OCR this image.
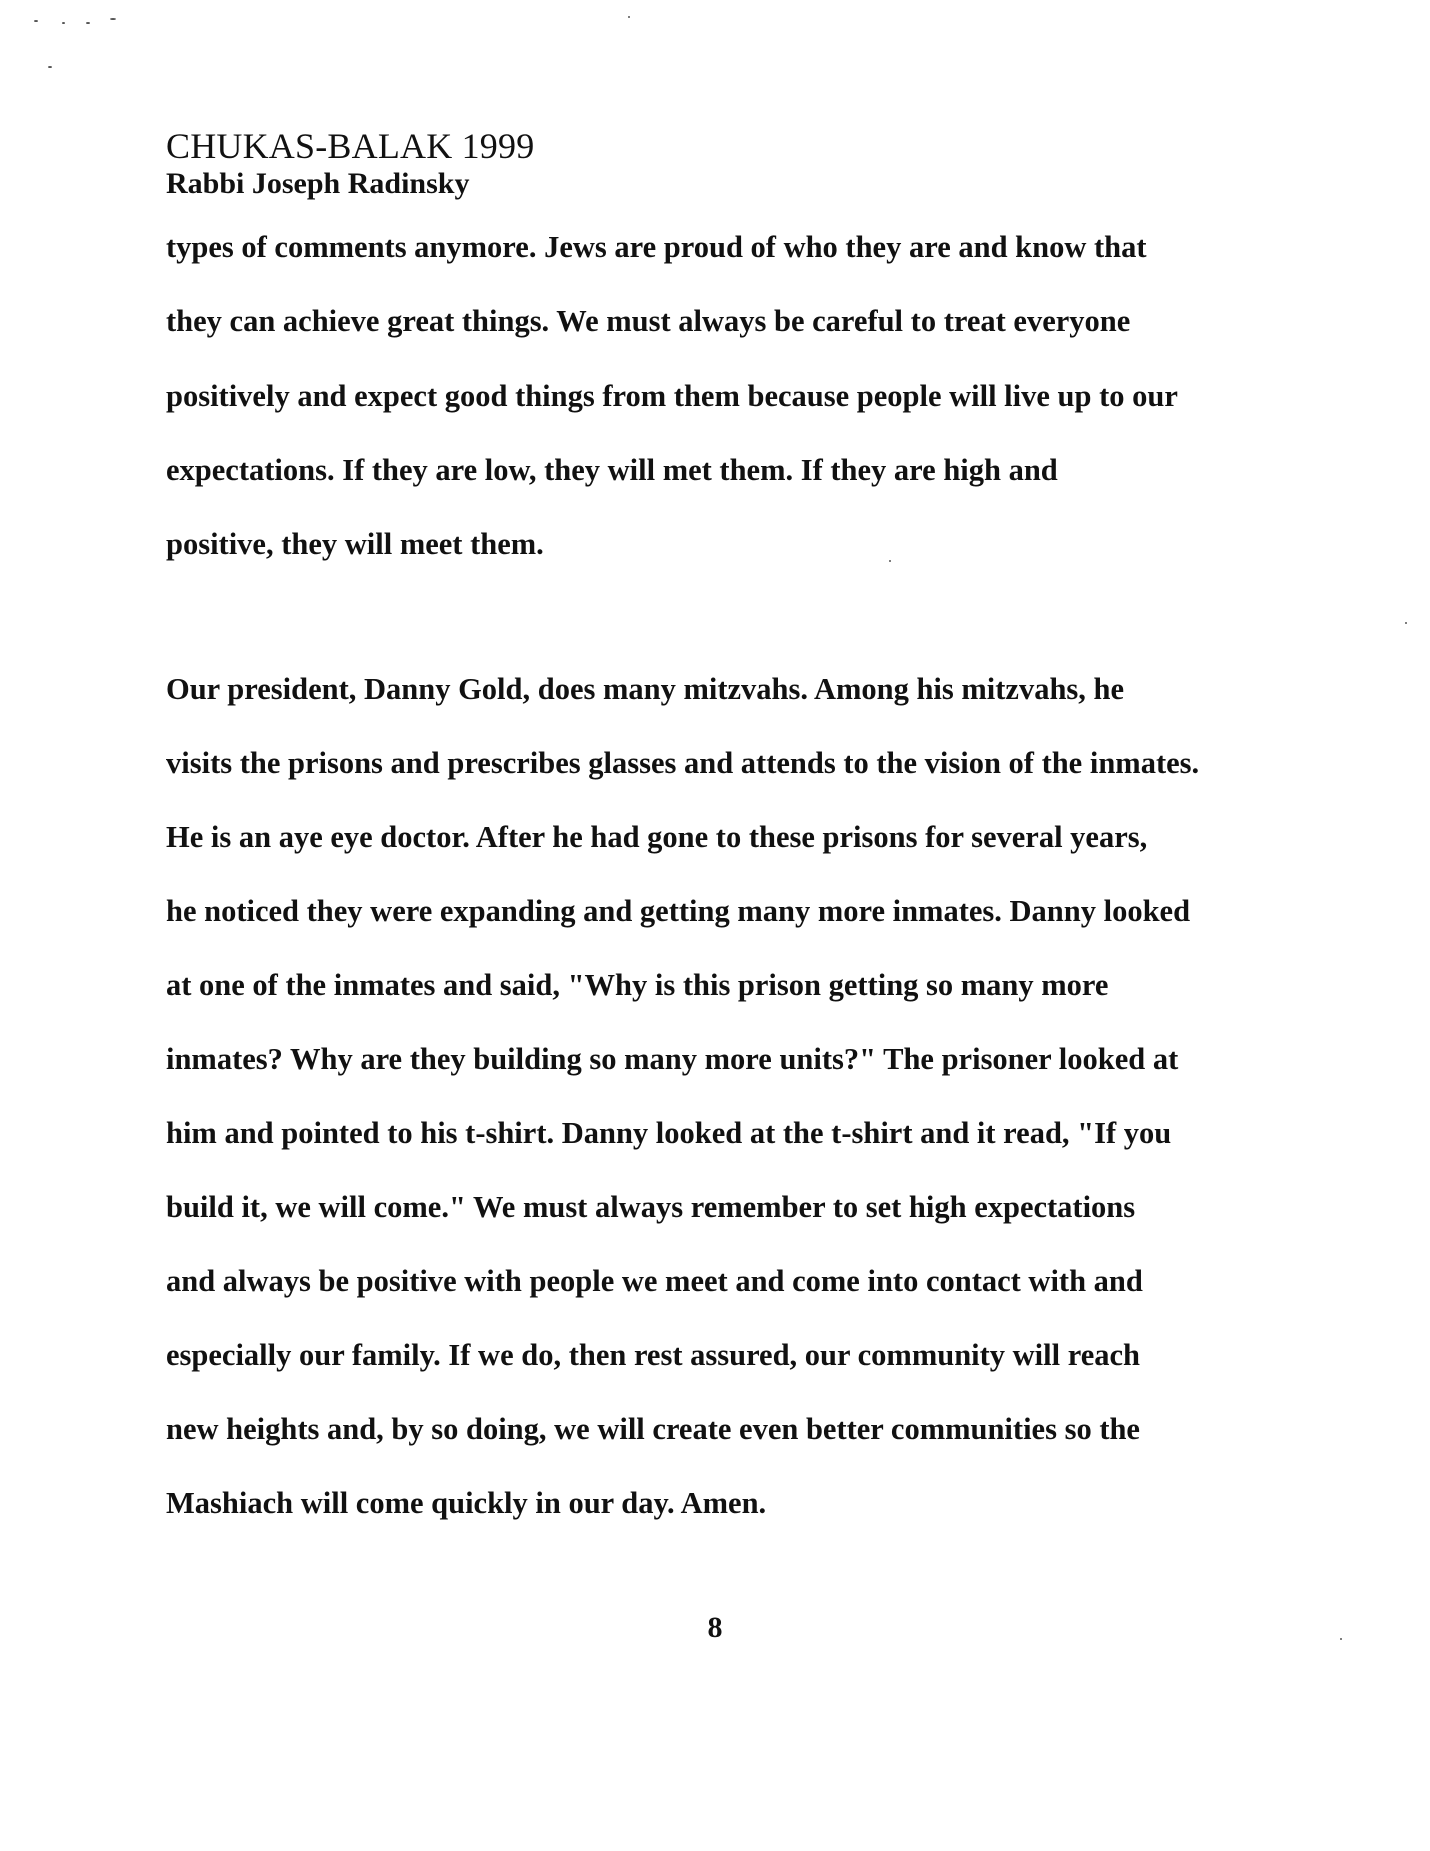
CHUKAS-BALAK 1999
Rabbi Joseph Radinsky
types of comments anymore. Jews are proud of who they are and know that
they can achieve great things. We must always be careful to treat everyone
positively and expect good things from them because people will live up to our
expectations. If they are low, they will met them. If they are high and
positive, they will meet them.
Our president, Danny Gold, does many mitzvahs. Among his mitzvahs, he
visits the prisons and prescribes glasses and attends to the vision of the inmates.
He is an aye eye doctor. After he had gone to these prisons for several years,
he noticed they were expanding and getting many more inmates. Danny looked
at one of the inmates and said, "Why is this prison getting so many more
inmates? Why are they building so many more units?" The prisoner looked at
him and pointed to his t-shirt. Danny looked at the t-shirt and it read, "If you
build it, we will come." We must always remember to set high expectations
and always be positive with people we meet and come into contact with and
especially our family. If we do, then rest assured, our community will reach
new heights and, by so doing, we will create even better communities so the
Mashiach will come quickly in our day. Amen.
8
